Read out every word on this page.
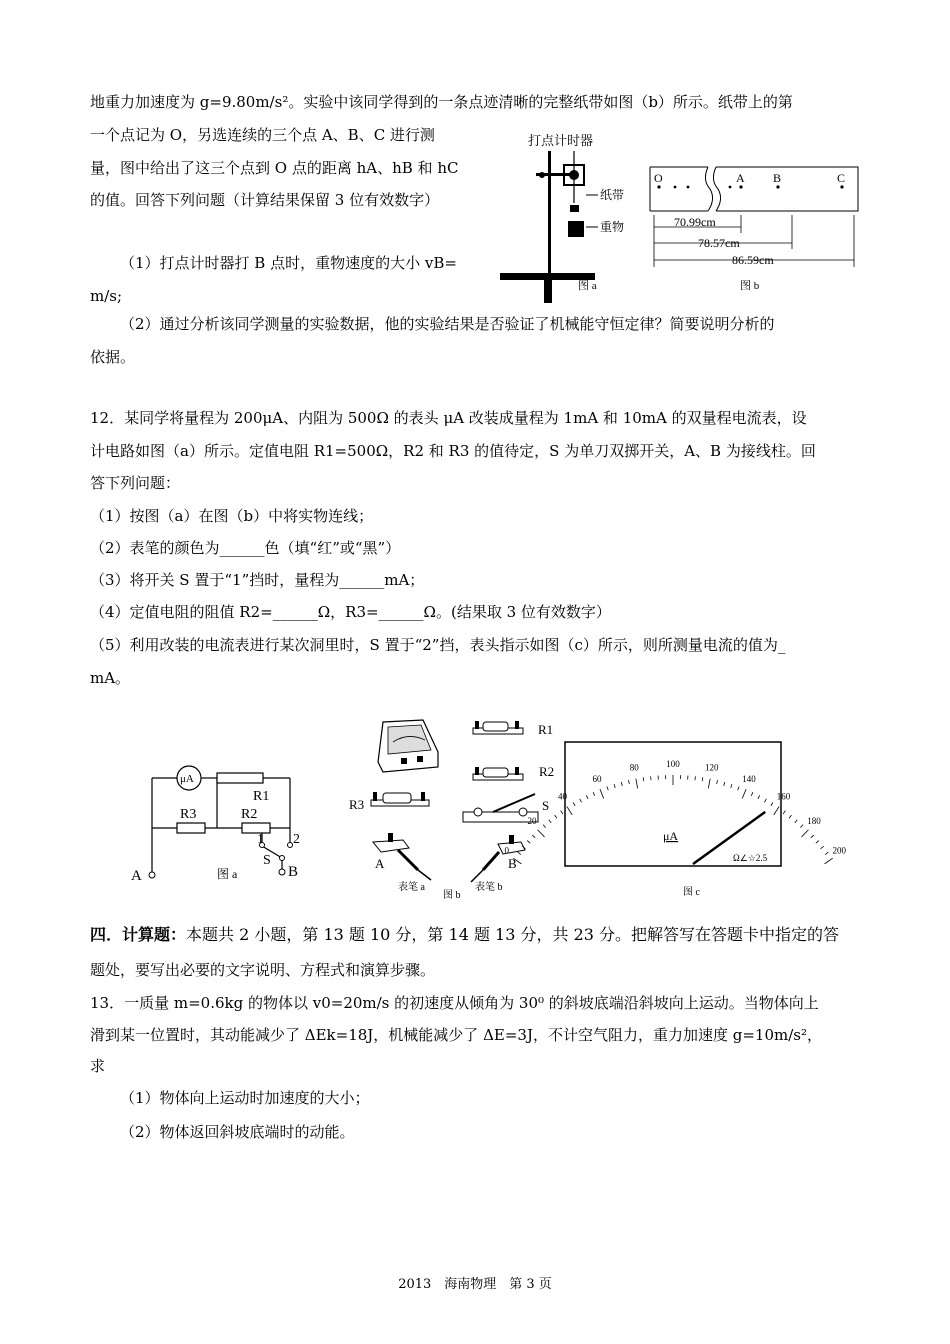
地重力加速度为 g=9.80m/s²。实验中该同学得到的一条点迹清晰的完整纸带如图（b）所示。纸带上的第
一个点记为 O，另选连续的三个点 A、B、C 进行测
量，图中给出了这三个点到 O 点的距离 hA、hB 和 hC
的值。回答下列问题（计算结果保留 3 位有效数字）
（1）打点计时器打 B 点时，重物速度的大小 vB=
m/s;
（2）通过分析该同学测量的实验数据，他的实验结果是否验证了机械能守恒定律？简要说明分析的
依据。
打点计时器
纸带
重物
图 a
O	A B	C
70.99cm
78.57cm
86.59cm
图 b
12．某同学将量程为 200μA、内阻为 500Ω 的表头 μA 改装成量程为 1mA 和 10mA 的双量程电流表，设
计电路如图（a）所示。定值电阻 R1=500Ω，R2 和 R3 的值待定，S 为单刀双掷开关，A、B 为接线柱。回
答下列问题：
（1）按图（a）在图（b）中将实物连线；
（2）表笔的颜色为______色（填“红”或“黑”）
（3）将开关 S 置于“1”挡时，量程为______mA；
（4）定值电阻的阻值 R2=______Ω，R3=______Ω。(结果取 3 位有效数字）
（5）利用改装的电流表进行某次洞里时，S 置于“2”挡，表头指示如图（c）所示，则所测量电流的值为_
mA。
μA
R1
R3	R2
1 2
S
A	B
图 a
R1
R2
R3	S
A
表笔 a
B
表笔 b
图 b
0
20
40
60
80	100	120
140
160
180
200
μA
Ω∠☆2.5
图 c
四．计算题：本题共 2 小题，第 13 题 10 分，第 14 题 13 分，共 23 分。把解答写在答题卡中指定的答
题处，要写出必要的文字说明、方程式和演算步骤。
13．一质量 m=0.6kg 的物体以 v0=20m/s 的初速度从倾角为 30⁰ 的斜坡底端沿斜坡向上运动。当物体向上
滑到某一位置时，其动能减少了 ΔEk=18J，机械能减少了 ΔE=3J，不计空气阻力，重力加速度 g=10m/s²，
求
（1）物体向上运动时加速度的大小；
（2）物体返回斜坡底端时的动能。
2013　海南物理　第 3 页
